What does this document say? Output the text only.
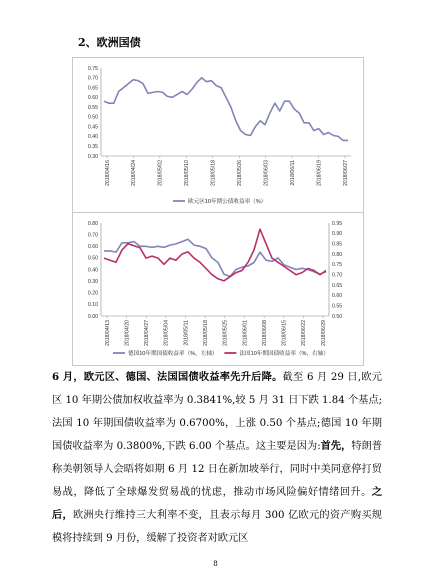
2、欧洲国债
0.75
0.70
0.65
0.60
0.55
0.50
0.45
0.40
0.35
0.30
2018/04/16	2018/04/24	2018/05/02	2018/05/10	2018/05/18	2018/05/26	2018/06/03	2018/06/11	2018/06/19	2018/06/27
欧元区10年期公债收益率（%）
0.80
0.70
0.60
0.50
0.40
0.30
0.20
0.10
0.00
0.95
0.90
0.85
0.80
0.75
0.70
0.65
0.60
0.55
0.50
2018/04/13	2018/04/20	2018/04/27	2018/05/04	2018/05/11	2018/05/18	2018/05/25	2018/06/01	2018/06/08	2018/06/15	2018/06/22	2018/06/29
德国10年期国债收益率（%，左轴）	法国10年期国债收益率（%，右轴）
6 月，欧元区、德国、法国国债收益率先升后降。截至 6 月 29 日,欧元区 10 年期公债加权收益率为 0.3841%,较 5 月 31 日下跌 1.84 个基点;法国 10 年期国债收益率为 0.6700%，上涨 0.50 个基点;德国 10 年期国债收益率为 0.3800%,下跌 6.00 个基点。这主要是因为:首先，特朗普称美朝领导人会晤将如期 6 月 12 日在新加坡举行，同时中美同意停打贸易战，降低了全球爆发贸易战的忧虑，推动市场风险偏好情绪回升。之后，欧洲央行维持三大利率不变，且表示每月 300 亿欧元的资产购买规模将持续到 9 月份，缓解了投资者对欧元区
8
